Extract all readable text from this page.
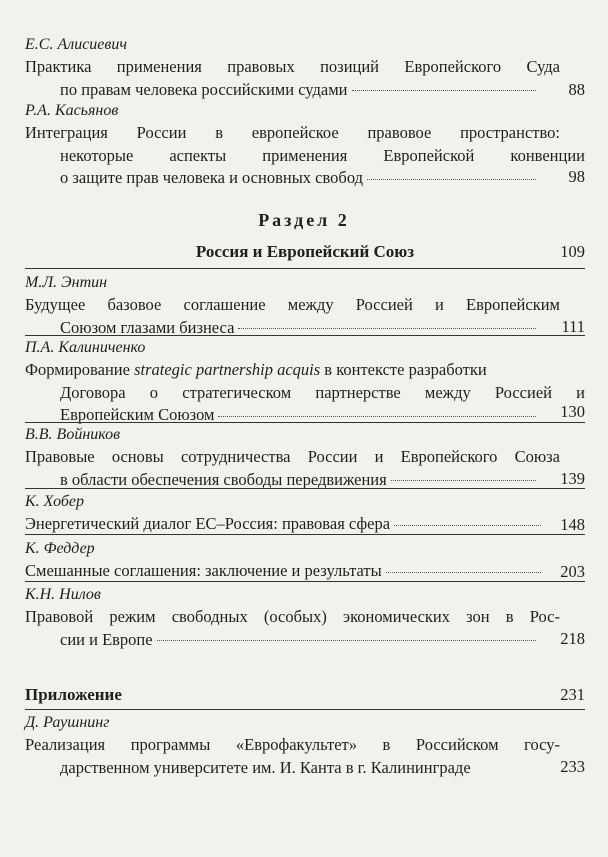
Е.С. Алисиевич
Практика применения правовых позиций Европейского Суда
по правам человека российскими судами	88
Р.А. Касьянов
Интеграция России в европейское правовое пространство:
некоторые аспекты применения Европейской конвенции
о защите прав человека и основных свобод	98
Раздел 2
Россия и Европейский Союз	109
М.Л. Энтин
Будущее базовое соглашение между Россией и Европейским
Союзом глазами бизнеса	111
П.А. Калиниченко
Формирование strategic partnership acquis в контексте разработки
Договора о стратегическом партнерстве между Россией и
Европейским Союзом	130
В.В. Войников
Правовые основы сотрудничества России и Европейского Союза
в области обеспечения свободы передвижения	139
К. Хобер
Энергетический диалог ЕС–Россия: правовая сфера	148
К. Феддер
Смешанные соглашения: заключение и результаты	203
К.Н. Нилов
Правовой режим свободных (особых) экономических зон в Рос-
сии и Европе	218
Приложение	231
Д. Раушнинг
Реализация программы «Еврофакультет» в Российском госу-
дарственном университете им. И. Канта в г. Калининграде	233
